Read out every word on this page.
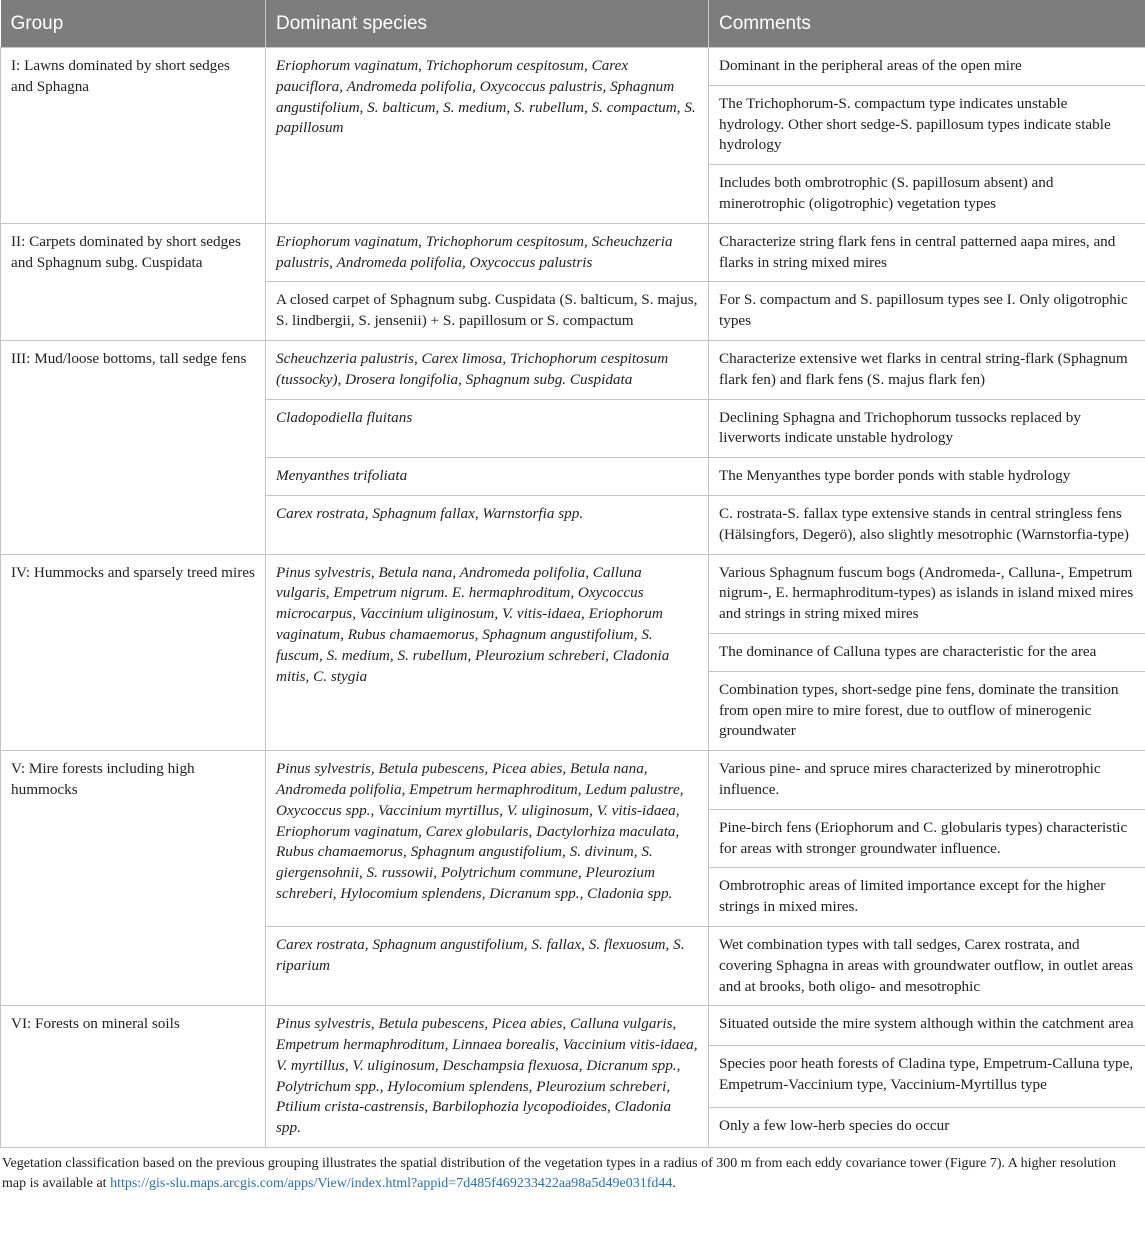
Group	Dominant species	Comments
I: Lawns dominated by short sedges and Sphagna	Eriophorum vaginatum, Trichophorum cespitosum, Carex pauciflora, Andromeda polifolia, Oxycoccus palustris, Sphagnum angustifolium, S. balticum, S. medium, S. rubellum, S. compactum, S. papillosum	Dominant in the peripheral areas of the open mire
		The Trichophorum-S. compactum type indicates unstable hydrology. Other short sedge-S. papillosum types indicate stable hydrology
		Includes both ombrotrophic (S. papillosum absent) and minerotrophic (oligotrophic) vegetation types
II: Carpets dominated by short sedges and Sphagnum subg. Cuspidata	Eriophorum vaginatum, Trichophorum cespitosum, Scheuchzeria palustris, Andromeda polifolia, Oxycoccus palustris	Characterize string flark fens in central patterned aapa mires, and flarks in string mixed mires
	A closed carpet of Sphagnum subg. Cuspidata (S. balticum, S. majus, S. lindbergii, S. jensenii) + S. papillosum or S. compactum	For S. compactum and S. papillosum types see I. Only oligotrophic types
III: Mud/loose bottoms, tall sedge fens	Scheuchzeria palustris, Carex limosa, Trichophorum cespitosum (tussocky), Drosera longifolia, Sphagnum subg. Cuspidata	Characterize extensive wet flarks in central string-flark (Sphagnum flark fen) and flark fens (S. majus flark fen)
	Cladopodiella fluitans	Declining Sphagna and Trichophorum tussocks replaced by liverworts indicate unstable hydrology
	Menyanthes trifoliata	The Menyanthes type border ponds with stable hydrology
	Carex rostrata, Sphagnum fallax, Warnstorfia spp.	C. rostrata-S. fallax type extensive stands in central stringless fens (Hälsingfors, Degerö), also slightly mesotrophic (Warnstorfia-type)
IV: Hummocks and sparsely treed mires	Pinus sylvestris, Betula nana, Andromeda polifolia, Calluna vulgaris, Empetrum nigrum. E. hermaphroditum, Oxycoccus microcarpus, Vaccinium uliginosum, V. vitis-idaea, Eriophorum vaginatum, Rubus chamaemorus, Sphagnum angustifolium, S. fuscum, S. medium, S. rubellum, Pleurozium schreberi, Cladonia mitis, C. stygia	Various Sphagnum fuscum bogs (Andromeda-, Calluna-, Empetrum nigrum-, E. hermaphroditum-types) as islands in island mixed mires and strings in string mixed mires
		The dominance of Calluna types are characteristic for the area
		Combination types, short-sedge pine fens, dominate the transition from open mire to mire forest, due to outflow of minerogenic groundwater
V: Mire forests including high hummocks	Pinus sylvestris, Betula pubescens, Picea abies, Betula nana, Andromeda polifolia, Empetrum hermaphroditum, Ledum palustre, Oxycoccus spp., Vaccinium myrtillus, V. uliginosum, V. vitis-idaea, Eriophorum vaginatum, Carex globularis, Dactylorhiza maculata, Rubus chamaemorus, Sphagnum angustifolium, S. divinum, S. giergensohnii, S. russowii, Polytrichum commune, Pleurozium schreberi, Hylocomium splendens, Dicranum spp., Cladonia spp.	Various pine- and spruce mires characterized by minerotrophic influence.
		Pine-birch fens (Eriophorum and C. globularis types) characteristic for areas with stronger groundwater influence.
		Ombrotrophic areas of limited importance except for the higher strings in mixed mires.
	Carex rostrata, Sphagnum angustifolium, S. fallax, S. flexuosum, S. riparium	Wet combination types with tall sedges, Carex rostrata, and covering Sphagna in areas with groundwater outflow, in outlet areas and at brooks, both oligo- and mesotrophic
VI: Forests on mineral soils	Pinus sylvestris, Betula pubescens, Picea abies, Calluna vulgaris, Empetrum hermaphroditum, Linnaea borealis, Vaccinium vitis-idaea, V. myrtillus, V. uliginosum, Deschampsia flexuosa, Dicranum spp., Polytrichum spp., Hylocomium splendens, Pleurozium schreberi, Ptilium crista-castrensis, Barbilophozia lycopodioides, Cladonia spp.	Situated outside the mire system although within the catchment area
		Species poor heath forests of Cladina type, Empetrum-Calluna type, Empetrum-Vaccinium type, Vaccinium-Myrtillus type
		Only a few low-herb species do occur
Vegetation classification based on the previous grouping illustrates the spatial distribution of the vegetation types in a radius of 300 m from each eddy covariance tower (Figure 7). A higher resolution map is available at https://gis-slu.maps.arcgis.com/apps/View/index.html?appid=7d485f469233422aa98a5d49e031fd44.
